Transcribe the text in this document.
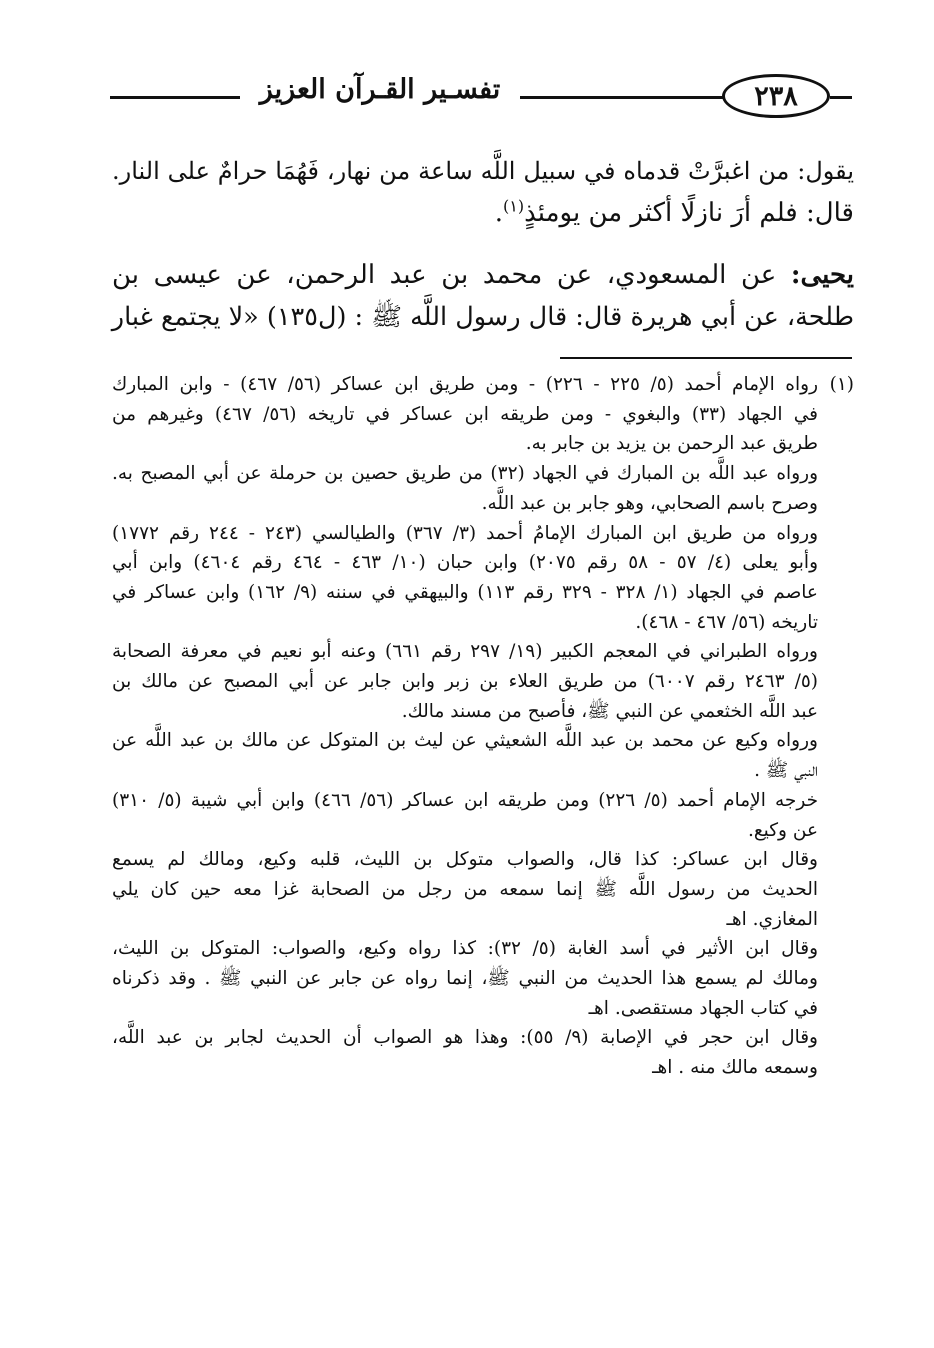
تفسـير القـرآن العزيز	٢٣٨

يقول: من اغبرَّتْ قدماه في سبيل اللَّه ساعة من نهار، فَهُمَا حرامٌ على النار.

قال: فلم أرَ نازلًا أكثر من يومئذٍ$^{(١)}$.

يحيى: عن المسعودي، عن محمد بن عبد الرحمن، عن عيسى بن

طلحة، عن أبي هريرة قال: قال رسول اللَّه ﷺ : (ل١٣٥) «لا يجتمع غبار

(١)رواه الإمام أحمد (٥/ ٢٢٥ - ٢٢٦) - ومن طريق ابن عساكر (٥٦/ ٤٦٧) - وابن المبارك

في الجهاد (٣٣) والبغوي - ومن طريقه ابن عساكر في تاريخه (٥٦/ ٤٦٧) وغيرهم من

طريق عبد الرحمن بن يزيد بن جابر به.

ورواه عبد اللَّه بن المبارك في الجهاد (٣٢) من طريق حصين بن حرملة عن أبي المصبح به.

وصرح باسم الصحابي، وهو جابر بن عبد اللَّه.

ورواه من طريق ابن المبارك الإمامُ أحمد (٣/ ٣٦٧) والطيالسي (٢٤٣ - ٢٤٤ رقم ١٧٧٢)

وأبو يعلى (٤/ ٥٧ - ٥٨ رقم ٢٠٧٥) وابن حبان (١٠/ ٤٦٣ - ٤٦٤ رقم ٤٦٠٤) وابن أبي

عاصم في الجهاد (١/ ٣٢٨ - ٣٢٩ رقم ١١٣) والبيهقي في سننه (٩/ ١٦٢) وابن عساكر في

تاريخه (٥٦/ ٤٦٧ - ٤٦٨).

ورواه الطبراني في المعجم الكبير (١٩/ ٢٩٧ رقم ٦٦١) وعنه أبو نعيم في معرفة الصحابة

(٥/ ٢٤٦٣ رقم ٦٠٠٧) من طريق العلاء بن زبر وابن جابر عن أبي المصبح عن مالك بن

عبد اللَّه الخثعمي عن النبي ﷺ، فأصبح من مسند مالك.

ورواه وكيع عن محمد بن عبد اللَّه الشعيثي عن ليث بن المتوكل عن مالك بن عبد اللَّه عن

النبي ﷺ .

خرجه الإمام أحمد (٥/ ٢٢٦) ومن طريقه ابن عساكر (٥٦/ ٤٦٦) وابن أبي شيبة (٥/ ٣١٠)

عن وكيع.

وقال ابن عساكر: كذا قال، والصواب متوكل بن الليث، قلبه وكيع، ومالك لم يسمع

الحديث من رسول اللَّه ﷺ إنما سمعه من رجل من الصحابة غزا معه حين كان يلي

المغازي. اهـ

وقال ابن الأثير في أسد الغابة (٥/ ٣٢): كذا رواه وكيع، والصواب: المتوكل بن الليث،

ومالك لم يسمع هذا الحديث من النبي ﷺ، إنما رواه عن جابر عن النبي ﷺ . وقد ذكرناه

في كتاب الجهاد مستقصى. اهـ

وقال ابن حجر في الإصابة (٩/ ٥٥): وهذا هو الصواب أن الحديث لجابر بن عبد اللَّه،

وسمعه مالك منه . اهـ
